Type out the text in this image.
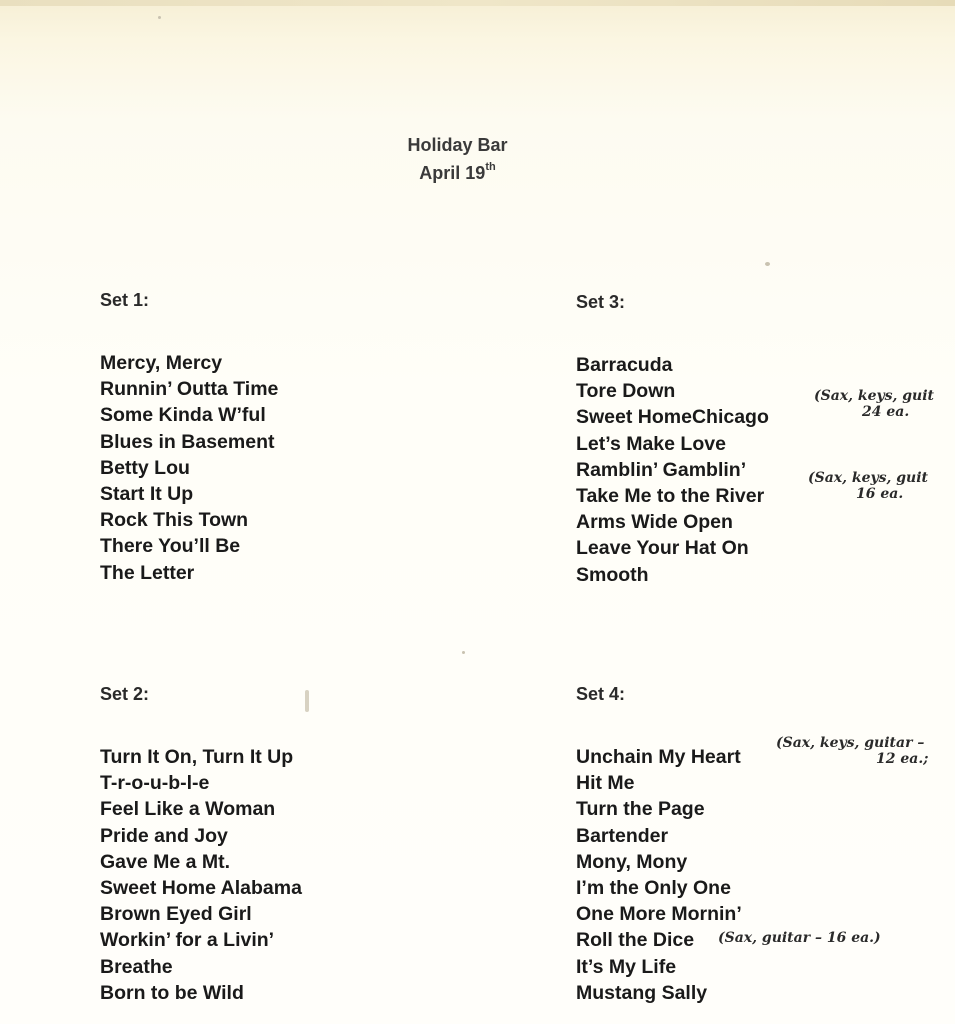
Holiday Bar
April 19th
Set 1:
Mercy, Mercy
Runnin’ Outta Time
Some Kinda W’ful
Blues in Basement
Betty Lou
Start It Up
Rock This Town
There You’ll Be
The Letter
Set 3:
Barracuda
Tore Down
Sweet HomeChicago
(Sax, keys, guit
24 ea.
Let’s Make Love
Ramblin’ Gamblin’
Take Me to the River
(Sax, keys, guit
16 ea.
Arms Wide Open
Leave Your Hat On
Smooth
Set 2:
Turn It On, Turn It Up
T-r-o-u-b-l-e
Feel Like a Woman
Pride and Joy
Gave Me a Mt.
Sweet Home Alabama
Brown Eyed Girl
Workin’ for a Livin’
Breathe
Born to be Wild
Set 4:
Unchain My Heart
(Sax, keys, guitar –
12 ea.;
Hit Me
Turn the Page
Bartender
Mony, Mony
I’m the Only One
One More Mornin’
Roll the Dice (Sax, guitar – 16 ea.)
It’s My Life
Mustang Sally
